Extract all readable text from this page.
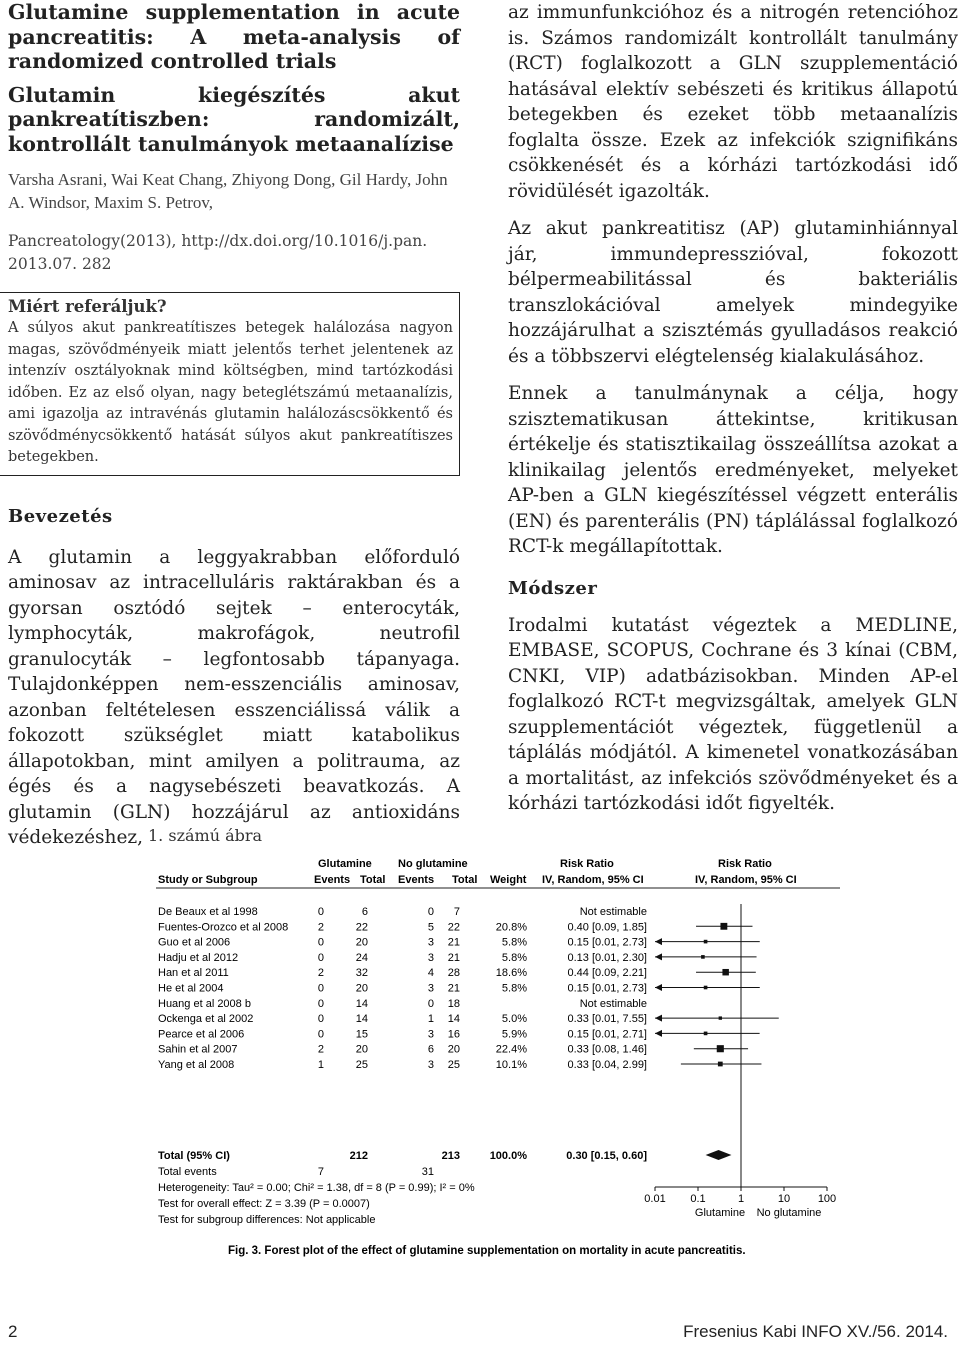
Glutamine supplementation in acute pancreatitis: A meta-analysis of randomized controlled trials
Glutamin kiegészítés akut pankreatítiszben: randomizált, kontrollált tanulmányok metaanalízise
Varsha Asrani, Wai Keat Chang, Zhiyong Dong, Gil Hardy, John A. Windsor, Maxim S. Petrov,
Pancreatology(2013), http://dx.doi.org/10.1016/j.pan. 2013.07. 282
Miért referáljuk?
A súlyos akut pankreatítiszes betegek halálozása nagyon magas, szövődményeik miatt jelentős terhet jelentenek az intenzív osztályoknak mind költségben, mind tartózkodási időben. Ez az első olyan, nagy beteglétszámú metaanalízis, ami igazolja az intravénás glutamin halálozáscsökkentő és szövődménycsökkentő hatását súlyos akut pankreatítiszes betegekben.
Bevezetés
A glutamin a leggyakrabban előforduló aminosav az intracelluláris raktárakban és a gyorsan osztódó sejtek – enterocyták, lymphocyták, makrofágok, neutrofil granulocyták – legfontosabb tápanyaga. Tulajdonképpen nem-esszenciális aminosav, azonban feltételesen esszenciálissá válik a fokozott szükséglet miatt katabolikus állapotokban, mint amilyen a politrauma, az égés és a nagysebészeti beavatkozás. A glutamin (GLN) hozzájárul az antioxidáns védekezéshez,
az immunfunkcióhoz és a nitrogén retencióhoz is. Számos randomizált kontrollált tanulmány (RCT) foglalkozott a GLN szupplementáció hatásával elektív sebészeti és kritikus állapotú betegekben és ezeket több metaanalízis foglalta össze. Ezek az infekciók szignifikáns csökkenését és a kórházi tartózkodási idő rövidülését igazolták.
Az akut pankreatitisz (AP) glutaminhiánnyal jár, immundepresszióval, fokozott bélpermeabilitással és bakteriális transzlokációval amelyek mindegyike hozzájárulhat a szisztémás gyulladásos reakció és a többszervi elégtelenség kialakulásához.
Ennek a tanulmánynak a célja, hogy szisztematikusan áttekintse, kritikusan értékelje és statisztikailag összeállítsa azokat a klinikailag jelentős eredményeket, melyeket AP-ben a GLN kiegészítéssel végzett enterális (EN) és parenterális (PN) táplálással foglalkozó RCT-k megállapítottak.
Módszer
Irodalmi kutatást végeztek a MEDLINE, EMBASE, SCOPUS, Cochrane és 3 kínai (CBM, CNKI, VIP) adatbázisokban. Minden AP-el foglalkozó RCT-t megvizsgáltak, amelyek GLN szupplementációt végeztek, függetlenül a táplálás módjától. A kimenetel vonatkozásában a mortalitást, az infekciós szövődményeket és a kórházi tartózkodási időt figyelték.
1. számú ábra
Glutamine No glutamine	Risk Ratio	Risk Ratio
Study or Subgroup	Events Total Events Total Weight IV, Random, 95% CI	IV, Random, 95% CI
De Beaux et al 1998	0	6	0 7	Not estimable
Fuentes-Orozco et al 2008	2	22	5 22	20.8%	0.40 [0.09, 1.85]
Guo et al 2006	0	20	3 21	5.8%	0.15 [0.01, 2.73]
Hadju et al 2012	0	24	3 21	5.8%	0.13 [0.01, 2.30]
Han et al 2011	2	32	4 28	18.6%	0.44 [0.09, 2.21]
He et al 2004	0	20	3 21	5.8%	0.15 [0.01, 2.73]
Huang et al 2008 b	0	14	0 18	Not estimable
Ockenga et al 2002	0	14	1 14	5.0%	0.33 [0.01, 7.55]
Pearce et al 2006	0	15	3 16	5.9%	0.15 [0.01, 2.71]
Sahin et al 2007	2	20	6 20	22.4%	0.33 [0.08, 1.46]
Yang et al 2008	1	25	3 25	10.1%	0.33 [0.04, 2.99]
Total (95% CI)	212	213	100.0%	0.30 [0.15, 0.60]
Total events	7	31
Heterogeneity: Tau² = 0.00; Chi² = 1.38, df = 8 (P = 0.99); I² = 0%
Test for overall effect: Z = 3.39 (P = 0.0007)
Test for subgroup differences: Not applicable
0.01 0.1	1	10	100
Glutamine No glutamine
Fig. 3. Forest plot of the effect of glutamine supplementation on mortality in acute pancreatitis.
2	Fresenius Kabi INFO XV./56. 2014.
